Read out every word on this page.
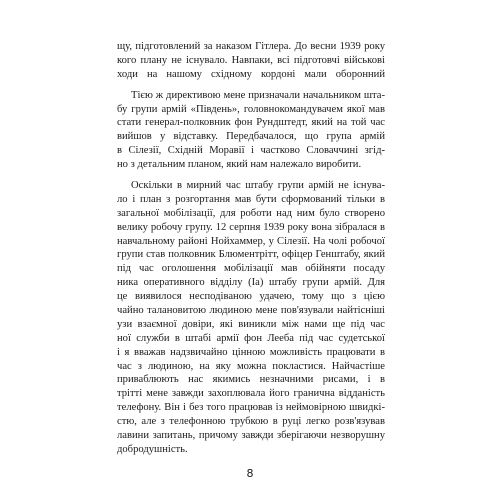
щу, підготовлений за наказом Гітлера. До весни 1939 року
кого плану не існувало. Навпаки, всі підготовчі військові
ходи на нашому східному кордоні мали оборонний

Тією ж директивою мене призначали начальником шта-
бу групи армій «Південь», головнокомандувачем якої мав
стати генерал-полковник фон Рундштедт, який на той час
вийшов у відставку. Передбачалося, що група армій
в Сілезії, Східній Моравії і частково Словаччині згід-
но з детальним планом, який нам належало виробити.

Оскільки в мирний час штабу групи армій не існува-
ло і план з розгортання мав бути сформований тільки в
загальної мобілізації, для роботи над ним було створено
велику робочу групу. 12 серпня 1939 року вона зібралася в
навчальному районі Нойхаммер, у Сілезії. На чолі робочої
групи став полковник Блюментрітт, офіцер Генштабу, який
під час оголошення мобілізації мав обійняти посаду
ника оперативного відділу (Іа) штабу групи армій. Для
це виявилося несподіваною удачею, тому що з цією
чайно талановитою людиною мене пов'язували найтісніші
узи взаємної довіри, які виникли між нами ще під час
ної служби в штабі армії фон Лееба під час судетської
і я вважав надзвичайно цінною можливість працювати в
час з людиною, на яку можна покластися. Найчастіше
приваблюють нас якимись незначними рисами, і в
трітті мене завжди захоплювала його гранична відданість
телефону. Він і без того працював із неймовірною швидкі-
стю, але з телефонною трубкою в руці легко розв'язував
лавини запитань, причому завжди зберігаючи незворушну
добродушність.

8
